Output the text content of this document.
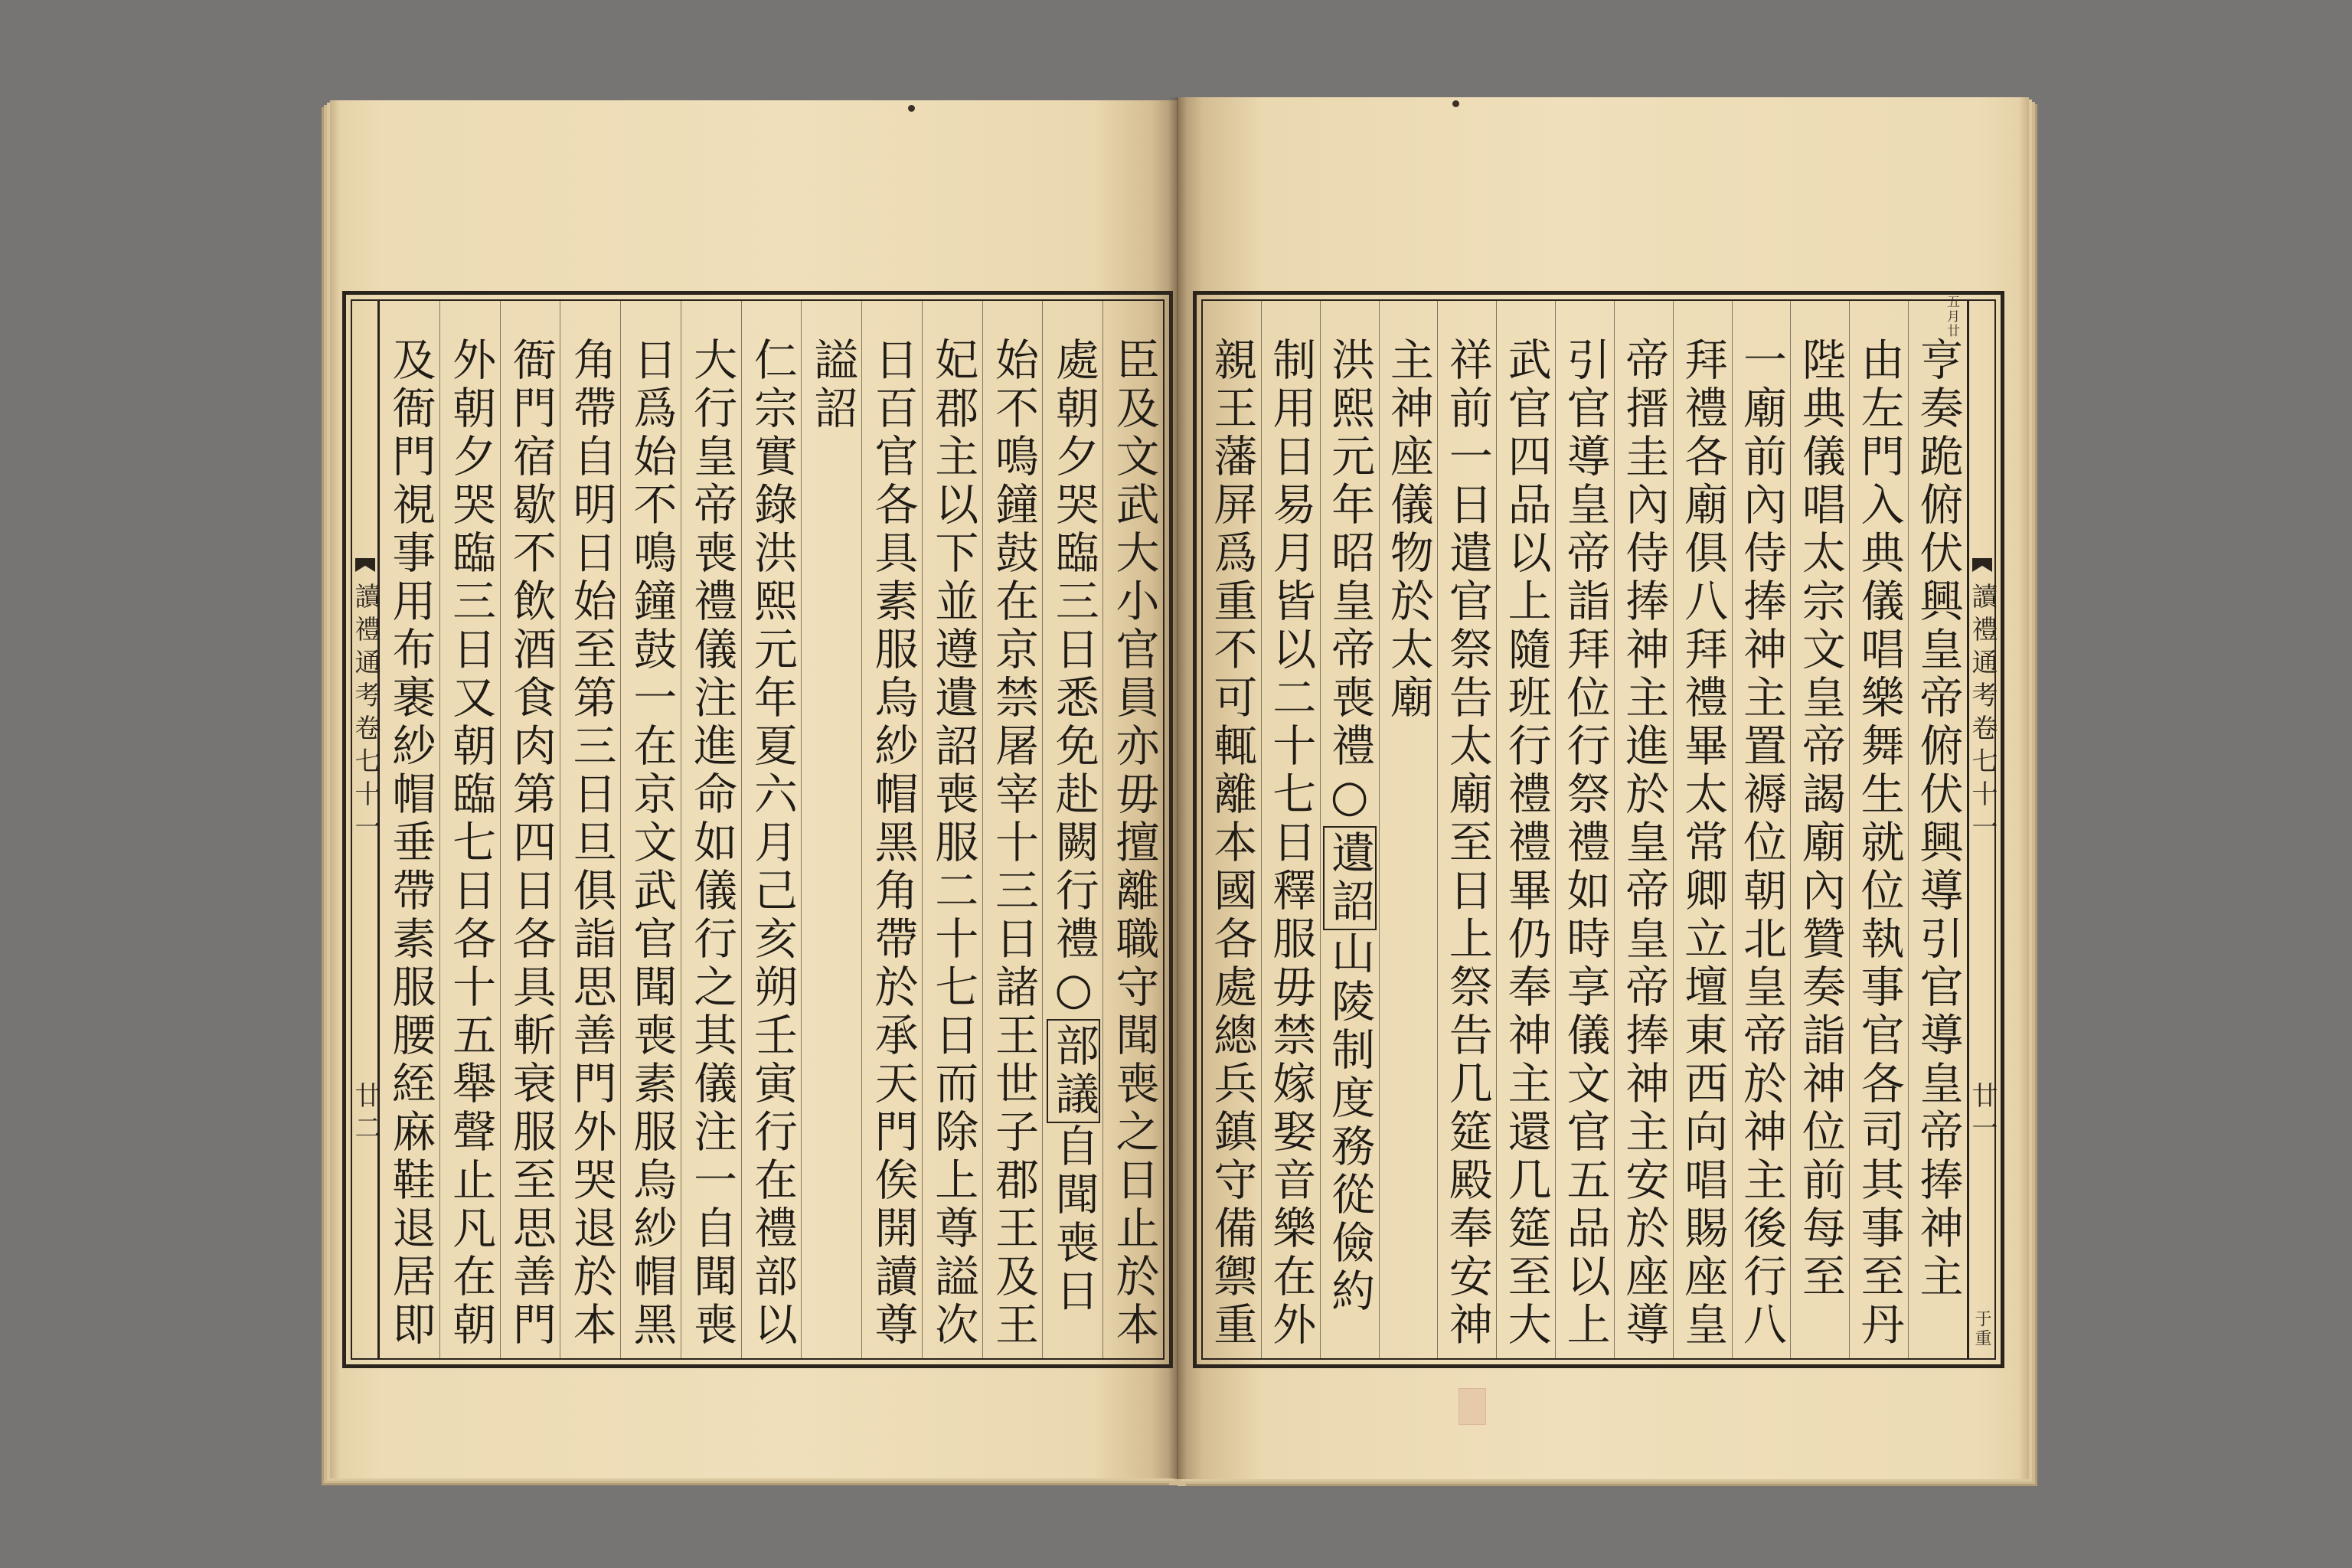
讀禮通考卷七十一
廿二	臣及文武大小官員亦毋擅離職守聞喪之日止於本
處朝夕哭臨三日悉免赴闕行禮○部議自聞喪日
始不鳴鐘鼓在京禁屠宰十三日諸王世子郡王及王
妃郡主以下並遵遺詔喪服二十七日而除上尊謚次
日百官各具素服烏紗帽黑角帶於承天門俟開讀尊
謚詔
仁宗實錄洪熙元年夏六月己亥朔壬寅行在禮部以
大行皇帝喪禮儀注進命如儀行之其儀注一自聞喪
日爲始不鳴鐘鼓一在京文武官聞喪素服烏紗帽黑
角帶自明日始至第三日旦俱詣思善門外哭退於本
衙門宿歇不飲酒食肉第四日各具斬衰服至思善門
外朝夕哭臨三日又朝臨七日各十五舉聲止凡在朝
及衙門視事用布裹紗帽垂帶素服腰絰麻鞋退居即
五月廿
讀禮通考卷七十一
廿一
于重
亨奏跪俯伏興皇帝俯伏興導引官導皇帝捧神主
由左門入典儀唱樂舞生就位執事官各司其事至丹
陛典儀唱太宗文皇帝謁廟內贊奏詣神位前每至
一廟前內侍捧神主置褥位朝北皇帝於神主後行八
拜禮各廟俱八拜禮畢太常卿立壇東西向唱賜座皇
帝搢圭內侍捧神主進於皇帝皇帝捧神主安於座導
引官導皇帝詣拜位行祭禮如時享儀文官五品以上
武官四品以上隨班行禮禮畢仍奉神主還几筵至大
祥前一日遣官祭告太廟至日上祭告几筵殿奉安神
主神座儀物於太廟
洪熙元年昭皇帝喪禮○遺詔山陵制度務從儉約
制用日易月皆以二十七日釋服毋禁嫁娶音樂在外
親王藩屏爲重不可輒離本國各處總兵鎮守備禦重
